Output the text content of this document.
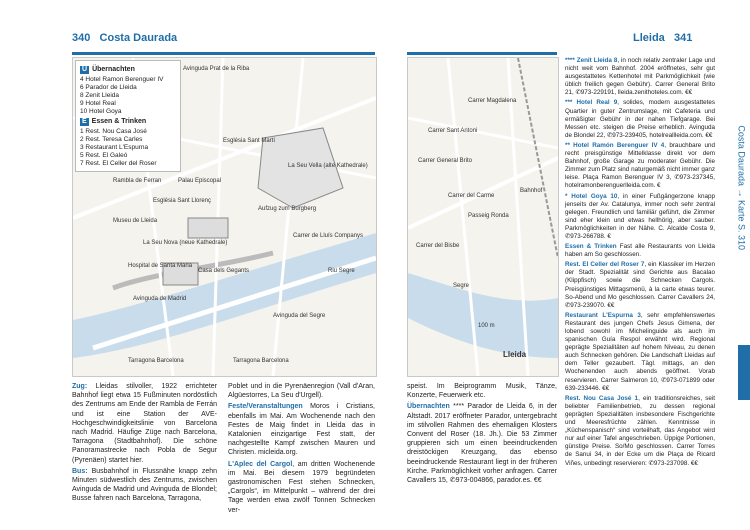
340 Costa Daurada
Avinguda Prat de la Riba
Avinguda del Segre
Avinguda de Madrid
Palau Episcopal
Església Sant Llorenç
Museu de Lleida
La Seu Nova (neue Kathedrale)
Hospital de Santa Maria
Casa dels Gegants
Església Sant Martí
La Seu Vella (alte Kathedrale)
Aufzug zum Burgberg
Riu Segre
Carrer de Lluís Companys
Rambla de Ferran
Tarragona Barcelona	Tarragona Barcelona
Ü Übernachten
4 Hotel Ramon Berenguer IV
6 Parador de Lleida
8 Zenit Lleida
9 Hotel Real
10 Hotel Goya
E Essen & Trinken
1 Rest. Nou Casa José
2 Rest. Teresa Carles
3 Restaurant L'Espurna
5 Rest. El Galeó
7 Rest. El Celler del Roser

Zug: Lleidas stilvoller, 1922 errichteter Bahnhof liegt etwa 15 Fußminuten nordöstlich des Zentrums am Ende der Rambla de Ferrán und ist eine Station der AVE-Hochgeschwindigkeitslinie von Barcelona nach Madrid. Häufige Züge nach Barcelona, Tarragona (Stadtbahnhof). Die schöne Panoramastrecke nach Pobla de Segur (Pyrenäen) startet hier.

Bus: Busbahnhof in Flussnähe knapp zehn Minuten südwestlich des Zentrums, zwischen Avinguda de Madrid und Avinguda de Blondel; Busse fahren nach Barcelona, Tarragona,

Poblet und in die Pyrenäenregion (Vall d'Aran, Algüestorres, La Seu d'Urgell).

Feste/Veranstaltungen Moros i Cristians, ebenfalls im Mai. Am Wochenende nach den Festes de Maig findet in Lleida das in Katalonien einzigartige Fest statt, der nachgestellte Kampf zwischen Mauren und Christen. micleida.org.

L'Aplec del Cargol, am dritten Wochenende im Mai. Bei diesem 1979 begründeten gastronomischen Fest stehen Schnecken, „Cargols“, im Mittelpunkt – während der drei Tage werden etwa zwölf Tonnen Schnecken ver-

Lleida 341
Bahnhof
Segre
Lleida
Carrer General Brito
Passeig Ronda
Carrer del Carme
Carrer Sant Antoni
Carrer Magdalena
Carrer del Bisbe
100 m

speist. Im Beiprogramm Musik, Tänze, Konzerte, Feuerwerk etc.

Übernachten **** Parador de Lleida 6, in der Altstadt. 2017 eröffneter Parador, untergebracht im stilvollen Rahmen des ehemaligen Klosters Convent del Roser (18. Jh.). Die 53 Zimmer gruppieren sich um einen beeindruckenden dreistöckigen Kreuzgang, das ebenso beeindruckende Restaurant liegt in der früheren Kirche. Parkmöglichkeit vorher anfragen. Carrer Cavallers 15, ✆973-004866, parador.es. €€

**** Zenit Lleida 8, in noch relativ zentraler Lage und nicht weit vom Bahnhof. 2004 eröffnetes, sehr gut ausgestattetes Kettenhotel mit Parkmöglichkeit (wie üblich freilich gegen Gebühr). Carrer General Brito 21, ✆973-229191, lleida.zenithoteles.com. €€

*** Hotel Real 9, solides, modern ausgestattetes Quartier in guter Zentrumslage, mit Cafeteria und ermäßigter Gebühr in der nahen Tiefgarage. Bei Messen etc. steigen die Preise erheblich. Avinguda de Blondel 22, ✆973-239405, hotelreallleida.com. €€

** Hotel Ramón Berenguer IV 4, brauchbare und recht preisgünstige Mittelklasse direkt vor dem Bahnhof, große Garage zu moderater Gebühr. Die Zimmer zum Platz sind naturgemäß nicht immer ganz leise. Plaça Ramon Berenguer IV 3, ✆973-237345, hotelramonberenguerlleida.com. €

* Hotel Goya 10, in einer Fußgängerzone knapp jenseits der Av. Catalunya, immer noch sehr zentral gelegen. Freundlich und familiär geführt, die Zimmer sind eher klein und etwas hellhörig, aber sauber. Parkmöglichkeiten in der Nähe. C. Alcalde Costa 9, ✆973-266788. €

Essen & Trinken Fast alle Restaurants von Lleida haben am So geschlossen.

Rest. El Celler del Roser 7, ein Klassiker im Herzen der Stadt. Spezialität sind Gerichte aus Bacalao (Klippfisch) sowie die Schnecken Cargols. Preisgünstiges Mittagsmenü, à la carte etwas teurer. So-Abend und Mo geschlossen. Carrer Cavallers 24, ✆973-239070. €€

Restaurant L'Espurna 3, sehr empfehlenswertes Restaurant des jungen Chefs Jesus Gimena, der lobend sowohl im Michelinguide als auch im spanischen Guía Respol erwähnt wird. Regional geprägte Spezialitäten auf hohem Niveau, zu denen auch Schnecken gehören. Die Landschaft Lleidas auf dem Teller gezaubert. Tägl. mittags, an den Wochenenden auch abends geöffnet. Vorab reservieren. Carrer Salmeron 10, ✆973-071899 oder 639-233446. €€

Rest. Nou Casa José 1, ein traditionsreiches, seit beliebter Familienbetrieb, zu dessen regional geprägten Spezialitäten insbesondere Fischgerichte und Meeresfrüchte zählen. Kenntnisse in „Küchenspanisch“ sind vorteilhaft, das Angebot wird nur auf einer Tafel angeschrieben. Üppige Portionen, günstige Preise. So/Mo geschlossen. Carrer Torres de Sanui 34, in der Ecke um die Plaça de Ricard Viñes, unbedingt reservieren: ✆973-237098. €€

Costa Daurada → Karte S. 310
